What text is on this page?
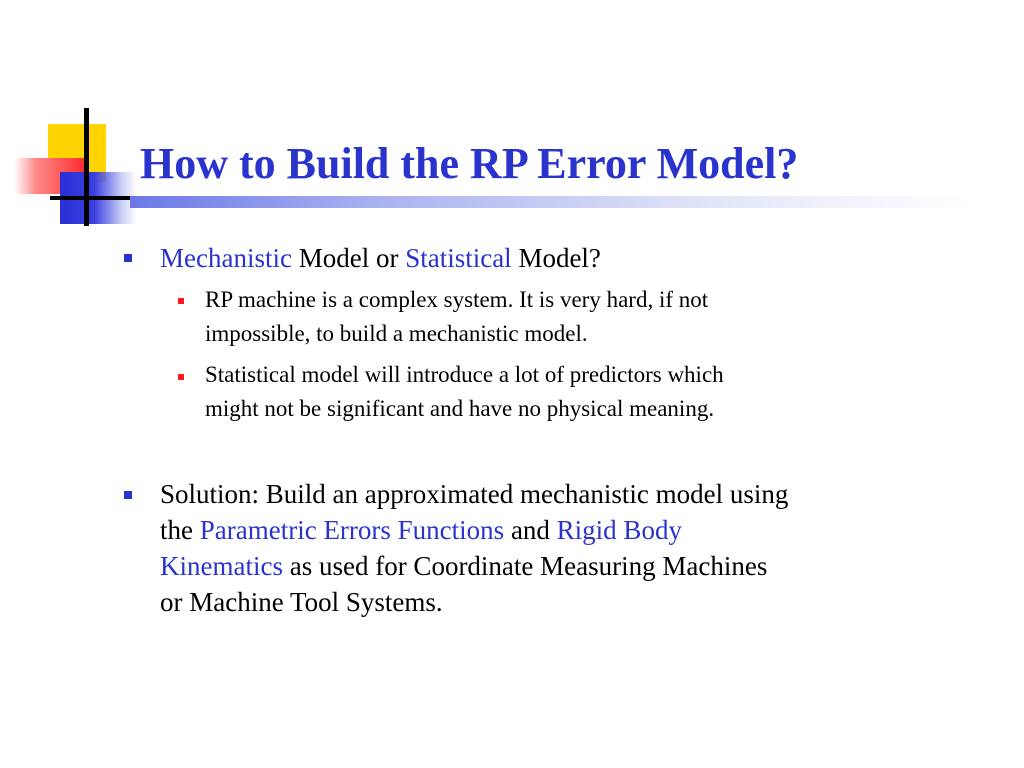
How to Build the RP Error Model?

Mechanistic Model or Statistical Model?

RP machine is a complex system. It is very hard, if not
impossible, to build a mechanistic model.

Statistical model will introduce a lot of predictors which
might not be significant and have no physical meaning.

Solution: Build an approximated mechanistic model using
the Parametric Errors Functions and Rigid Body
Kinematics as used for Coordinate Measuring Machines
or Machine Tool Systems.
